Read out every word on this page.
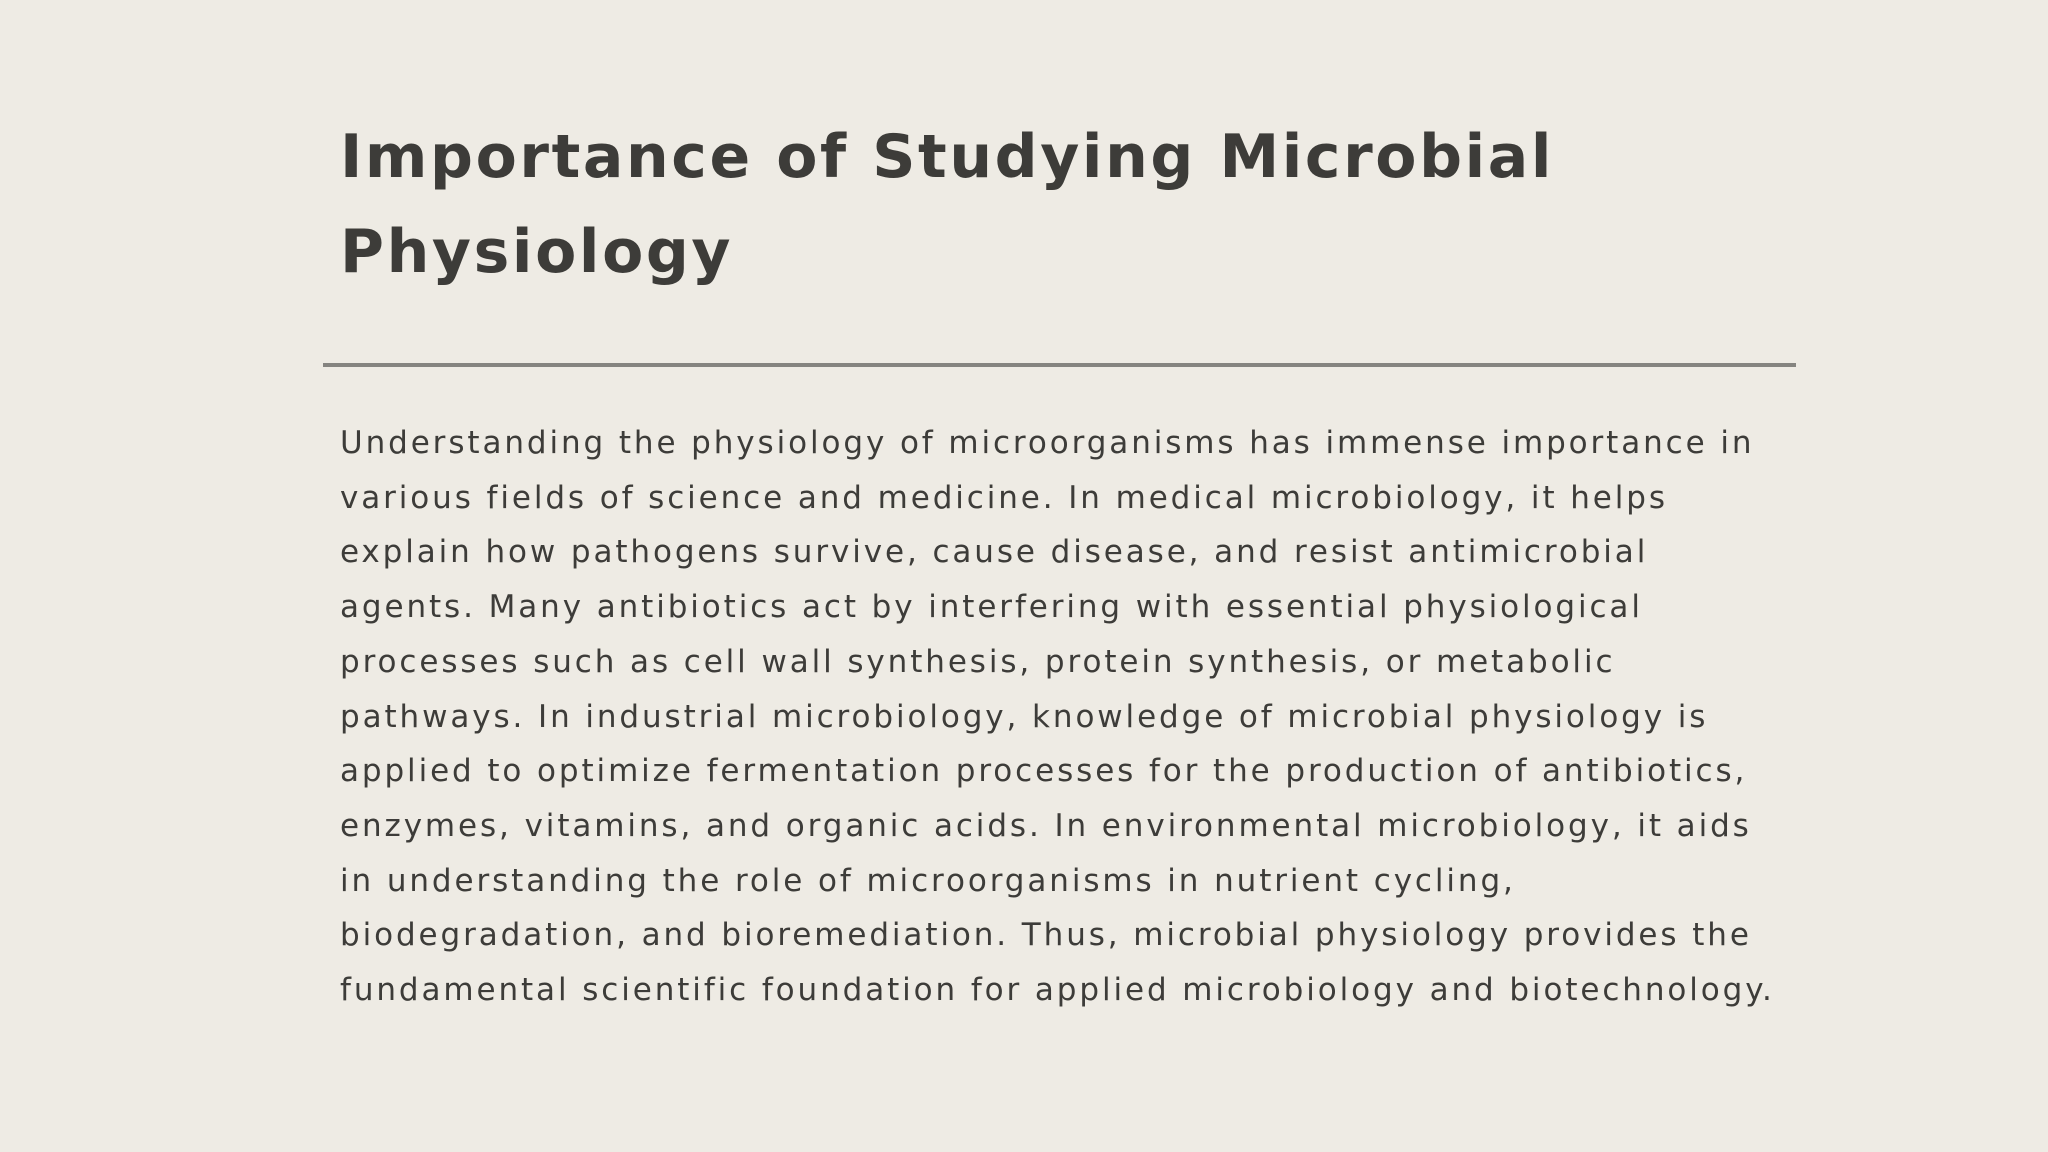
Importance of Studying Microbial Physiology

Understanding the physiology of microorganisms has immense importance in various fields of science and medicine. In medical microbiology, it helps explain how pathogens survive, cause disease, and resist antimicrobial agents. Many antibiotics act by interfering with essential physiological processes such as cell wall synthesis, protein synthesis, or metabolic pathways. In industrial microbiology, knowledge of microbial physiology is applied to optimize fermentation processes for the production of antibiotics, enzymes, vitamins, and organic acids. In environmental microbiology, it aids in understanding the role of microorganisms in nutrient cycling, biodegradation, and bioremediation. Thus, microbial physiology provides the fundamental scientific foundation for applied microbiology and biotechnology.
